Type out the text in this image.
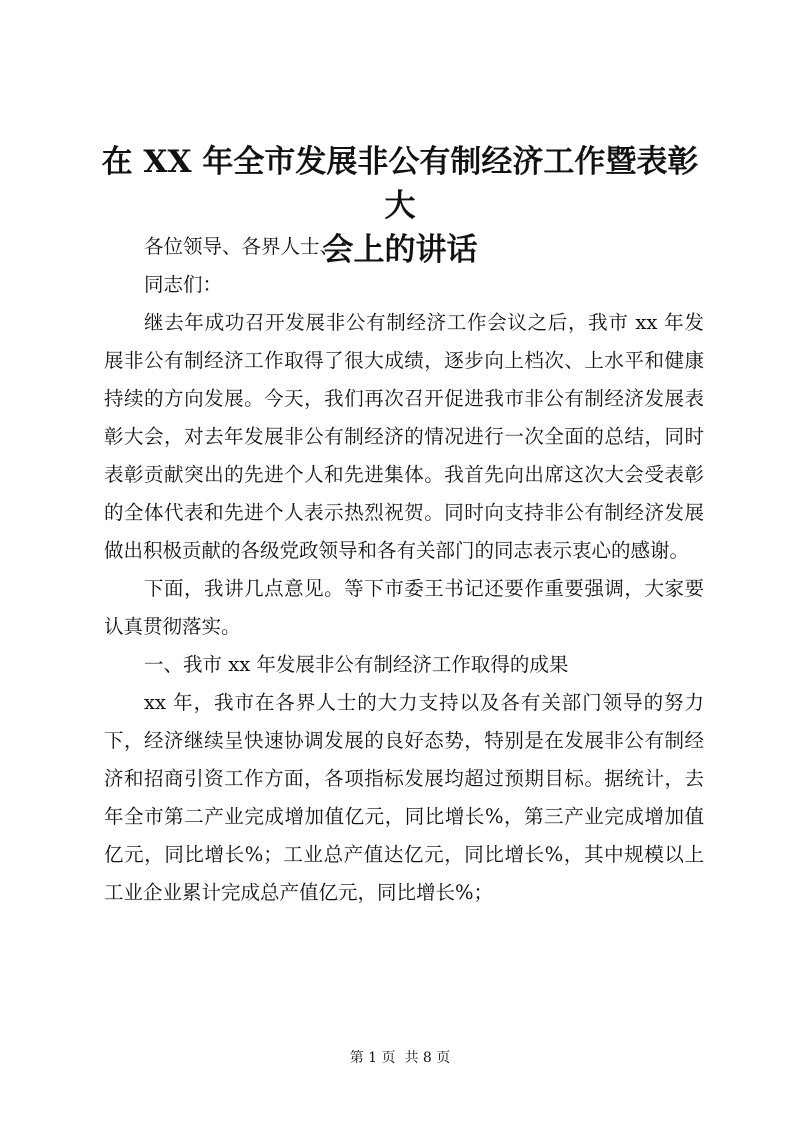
在 XX 年全市发展非公有制经济工作暨表彰大
会上的讲话

各位领导、各界人士、

同志们：

继去年成功召开发展非公有制经济工作会议之后，我市 xx 年发展非公有制经济工作取得了很大成绩，逐步向上档次、上水平和健康持续的方向发展。今天，我们再次召开促进我市非公有制经济发展表彰大会，对去年发展非公有制经济的情况进行一次全面的总结，同时表彰贡献突出的先进个人和先进集体。我首先向出席这次大会受表彰的全体代表和先进个人表示热烈祝贺。同时向支持非公有制经济发展做出积极贡献的各级党政领导和各有关部门的同志表示衷心的感谢。

下面，我讲几点意见。等下市委王书记还要作重要强调，大家要认真贯彻落实。

一、我市 xx 年发展非公有制经济工作取得的成果

xx 年，我市在各界人士的大力支持以及各有关部门领导的努力下，经济继续呈快速协调发展的良好态势，特别是在发展非公有制经济和招商引资工作方面，各项指标发展均超过预期目标。据统计，去年全市第二产业完成增加值亿元，同比增长%，第三产业完成增加值亿元，同比增长%；工业总产值达亿元，同比增长%，其中规模以上工业企业累计完成总产值亿元，同比增长%；

第 1 页  共 8 页
